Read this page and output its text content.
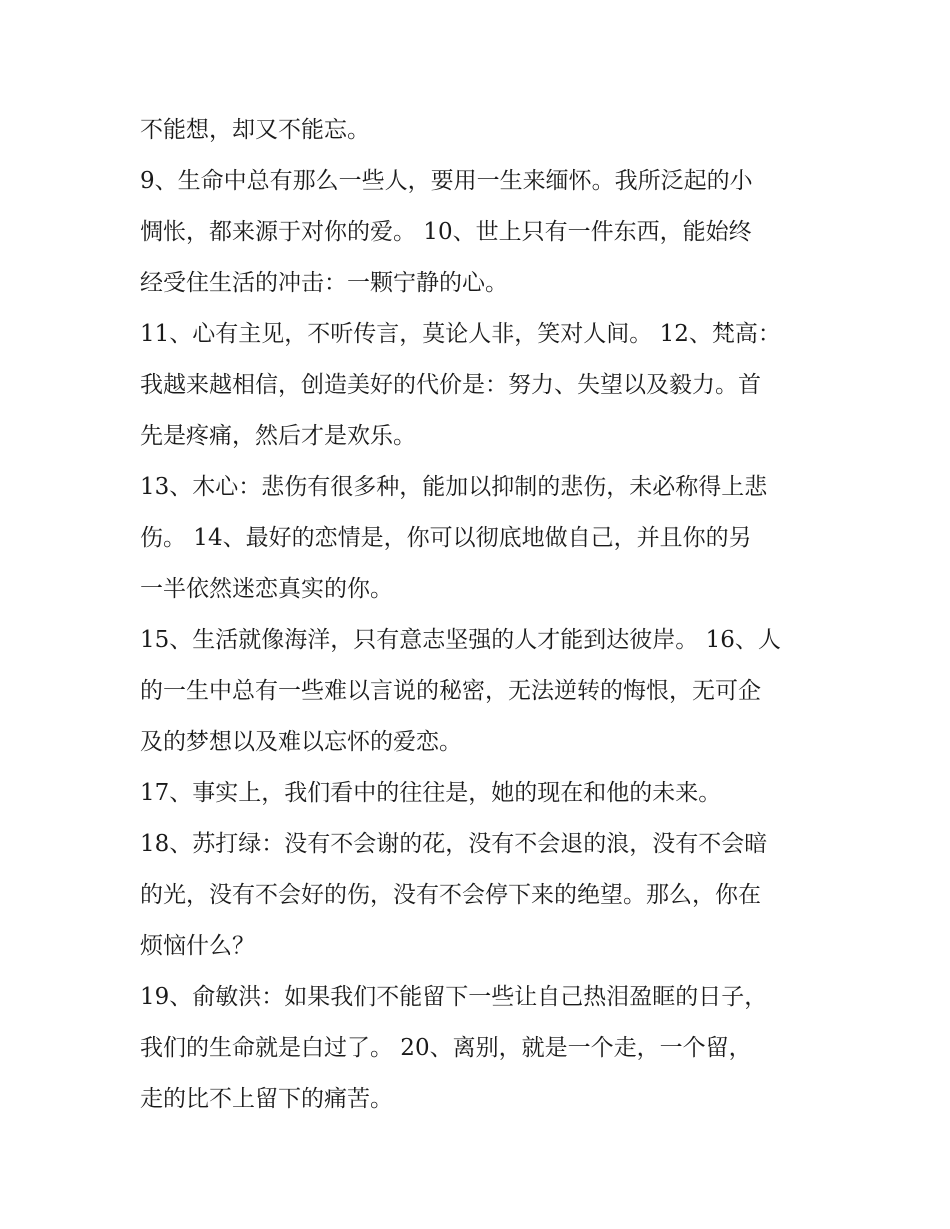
不能想，却又不能忘。
9、生命中总有那么一些人，要用一生来缅怀。我所泛起的小
惆怅，都来源于对你的爱。 10、世上只有一件东西，能始终
经受住生活的冲击：一颗宁静的心。
11、心有主见，不听传言，莫论人非，笑对人间。 12、梵高：
我越来越相信，创造美好的代价是：努力、失望以及毅力。首
先是疼痛，然后才是欢乐。
13、木心：悲伤有很多种，能加以抑制的悲伤，未必称得上悲
伤。 14、最好的恋情是，你可以彻底地做自己，并且你的另
一半依然迷恋真实的你。
15、生活就像海洋，只有意志坚强的人才能到达彼岸。 16、人
的一生中总有一些难以言说的秘密，无法逆转的悔恨，无可企
及的梦想以及难以忘怀的爱恋。
17、事实上，我们看中的往往是，她的现在和他的未来。
18、苏打绿：没有不会谢的花，没有不会退的浪，没有不会暗
的光，没有不会好的伤，没有不会停下来的绝望。那么，你在
烦恼什么？
19、俞敏洪：如果我们不能留下一些让自己热泪盈眶的日子，
我们的生命就是白过了。 20、离别，就是一个走，一个留，
走的比不上留下的痛苦。
